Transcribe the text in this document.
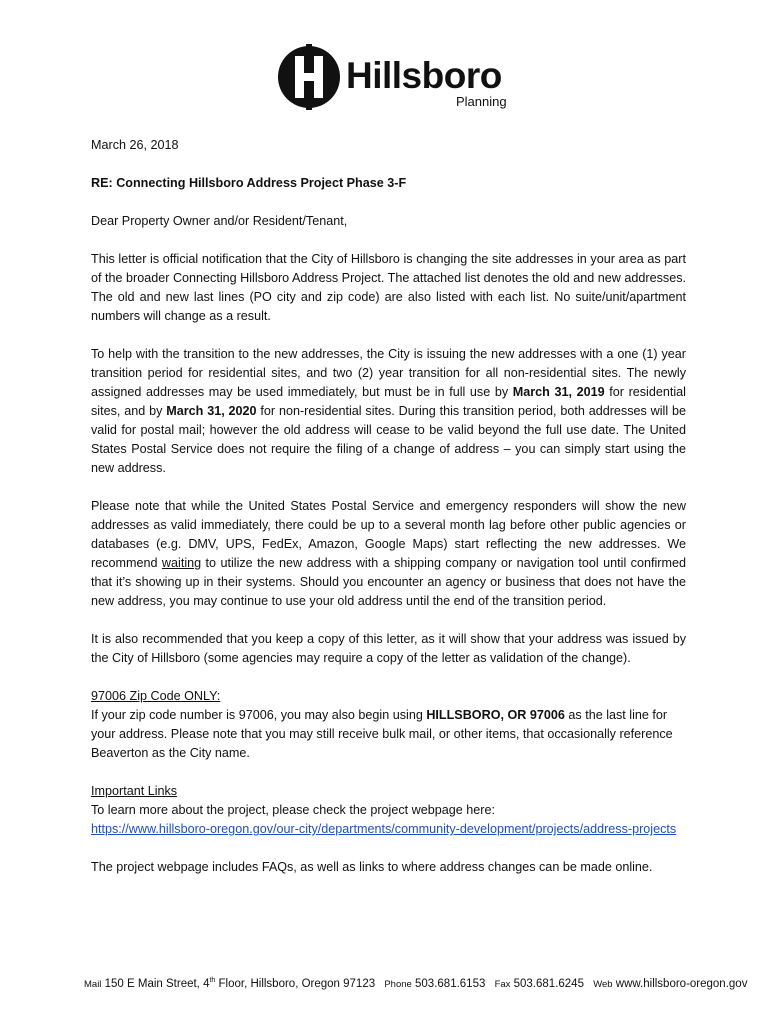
Hillsboro
Planning

March 26, 2018

RE: Connecting Hillsboro Address Project Phase 3-F

Dear Property Owner and/or Resident/Tenant,

This letter is official notification that the City of Hillsboro is changing the site addresses in your area as part of the broader Connecting Hillsboro Address Project. The attached list denotes the old and new addresses. The old and new last lines (PO city and zip code) are also listed with each list. No suite/unit/apartment numbers will change as a result.

To help with the transition to the new addresses, the City is issuing the new addresses with a one (1) year transition period for residential sites, and two (2) year transition for all non-residential sites. The newly assigned addresses may be used immediately, but must be in full use by March 31, 2019 for residential sites, and by March 31, 2020 for non-residential sites. During this transition period, both addresses will be valid for postal mail; however the old address will cease to be valid beyond the full use date. The United States Postal Service does not require the filing of a change of address – you can simply start using the new address.

Please note that while the United States Postal Service and emergency responders will show the new addresses as valid immediately, there could be up to a several month lag before other public agencies or databases (e.g. DMV, UPS, FedEx, Amazon, Google Maps) start reflecting the new addresses. We recommend waiting to utilize the new address with a shipping company or navigation tool until confirmed that it’s showing up in their systems. Should you encounter an agency or business that does not have the new address, you may continue to use your old address until the end of the transition period.

It is also recommended that you keep a copy of this letter, as it will show that your address was issued by the City of Hillsboro (some agencies may require a copy of the letter as validation of the change).

97006 Zip Code ONLY:
If your zip code number is 97006, you may also begin using HILLSBORO, OR 97006 as the last line for your address. Please note that you may still receive bulk mail, or other items, that occasionally reference Beaverton as the City name.

Important Links
To learn more about the project, please check the project webpage here:
https://www.hillsboro-oregon.gov/our-city/departments/community-development/projects/address-projects

The project webpage includes FAQs, as well as links to where address changes can be made online.

Mail 150 E Main Street, 4th Floor, Hillsboro, Oregon 97123 Phone 503.681.6153 Fax 503.681.6245 Web www.hillsboro-oregon.gov
